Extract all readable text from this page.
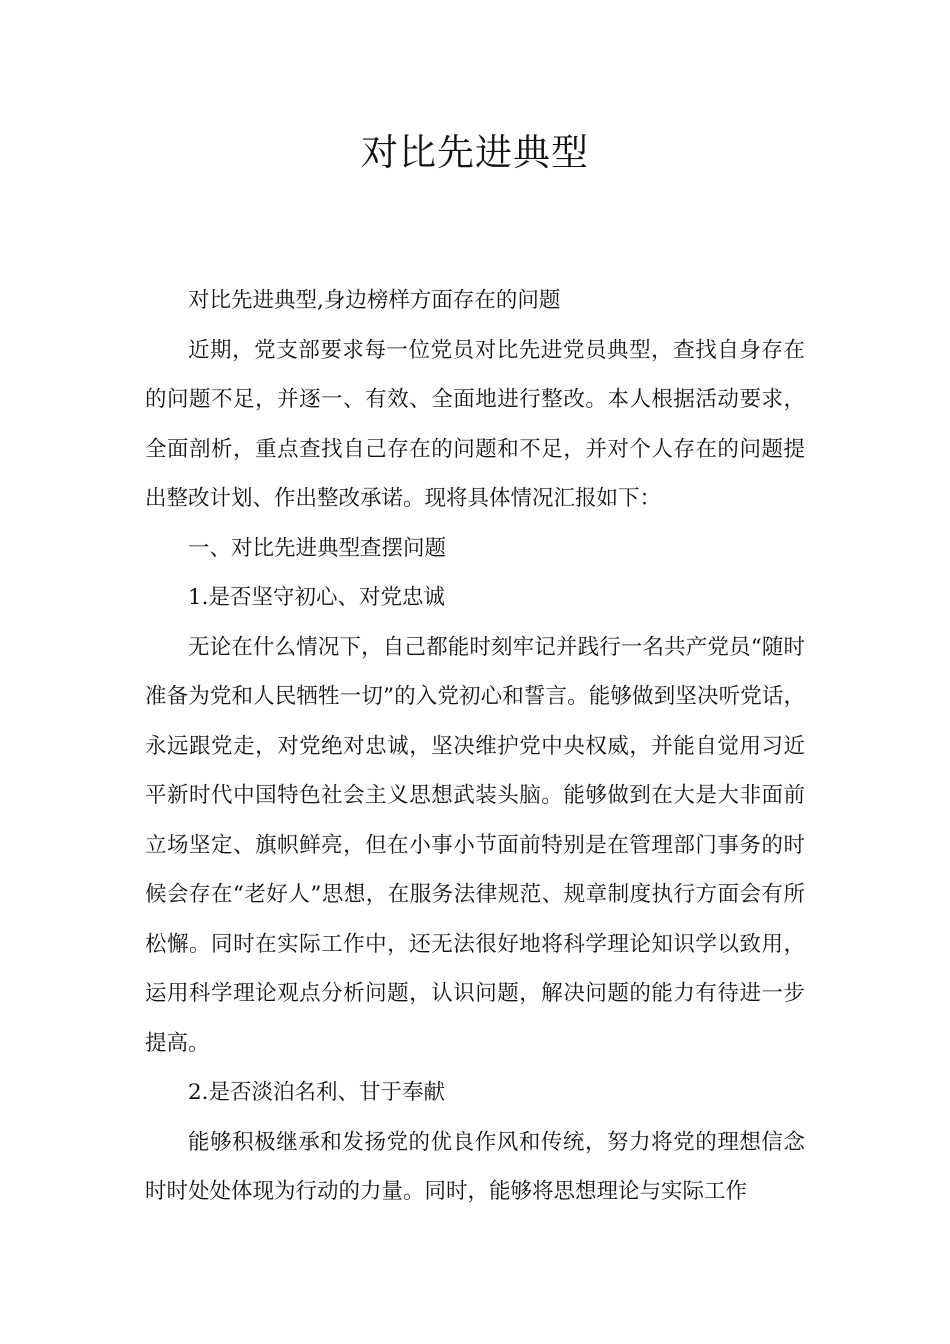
对比先进典型

对比先进典型,身边榜样方面存在的问题

近期，党支部要求每一位党员对比先进党员典型，查找自身存在的问题不足，并逐一、有效、全面地进行整改。本人根据活动要求，全面剖析，重点查找自己存在的问题和不足，并对个人存在的问题提出整改计划、作出整改承诺。现将具体情况汇报如下：

一、对比先进典型查摆问题

1.是否坚守初心、对党忠诚

无论在什么情况下，自己都能时刻牢记并践行一名共产党员“随时准备为党和人民牺牲一切”的入党初心和誓言。能够做到坚决听党话，永远跟党走，对党绝对忠诚，坚决维护党中央权威，并能自觉用习近平新时代中国特色社会主义思想武装头脑。能够做到在大是大非面前立场坚定、旗帜鲜亮，但在小事小节面前特别是在管理部门事务的时候会存在“老好人”思想，在服务法律规范、规章制度执行方面会有所松懈。同时在实际工作中，还无法很好地将科学理论知识学以致用，运用科学理论观点分析问题，认识问题，解决问题的能力有待进一步提高。

2.是否淡泊名利、甘于奉献

能够积极继承和发扬党的优良作风和传统，努力将党的理想信念时时处处体现为行动的力量。同时，能够将思想理论与实际工作
